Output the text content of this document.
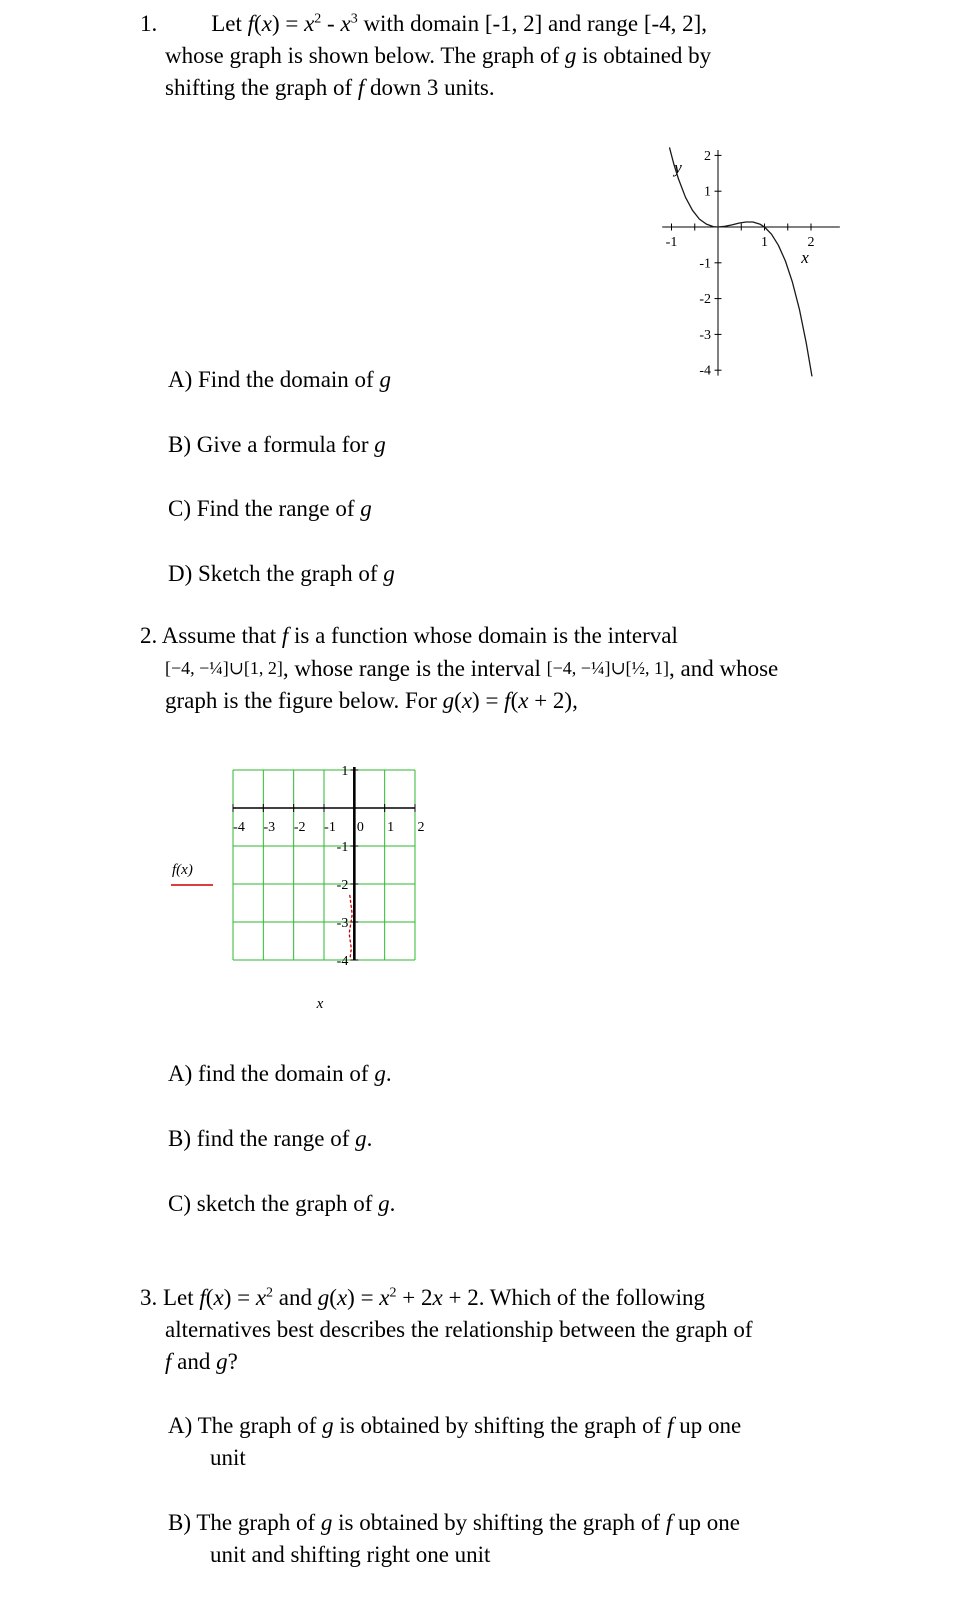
1. Let $f(x) = x^2 - x^3$ with domain [-1, 2] and range [-4, 2],
whose graph is shown below. The graph of g is obtained by
shifting the graph of f down 3 units.
-1	1	2
2
1
-1
-2
-3
-4
y
x
A) Find the domain of g
B) Give a formula for g
C) Find the range of g
D) Sketch the graph of g
2. Assume that f is a function whose domain is the interval
[−4, −¼]∪[1, 2], whose range is the interval [−4, −¼]∪[½, 1], and whose
graph is the figure below. For g(x) = f(x + 2),
-4 -3 -2 -1 0 1 2
1
-1
-2
-3
-4
f(x)
x
A) find the domain of g.
B) find the range of g.
C) sketch the graph of g.
3. Let $f(x) = x^2$ and $g(x) = x^2 + 2x + 2$. Which of the following
alternatives best describes the relationship between the graph of
f and g?
A) The graph of g is obtained by shifting the graph of f up one
unit
B) The graph of g is obtained by shifting the graph of f up one
unit and shifting right one unit
